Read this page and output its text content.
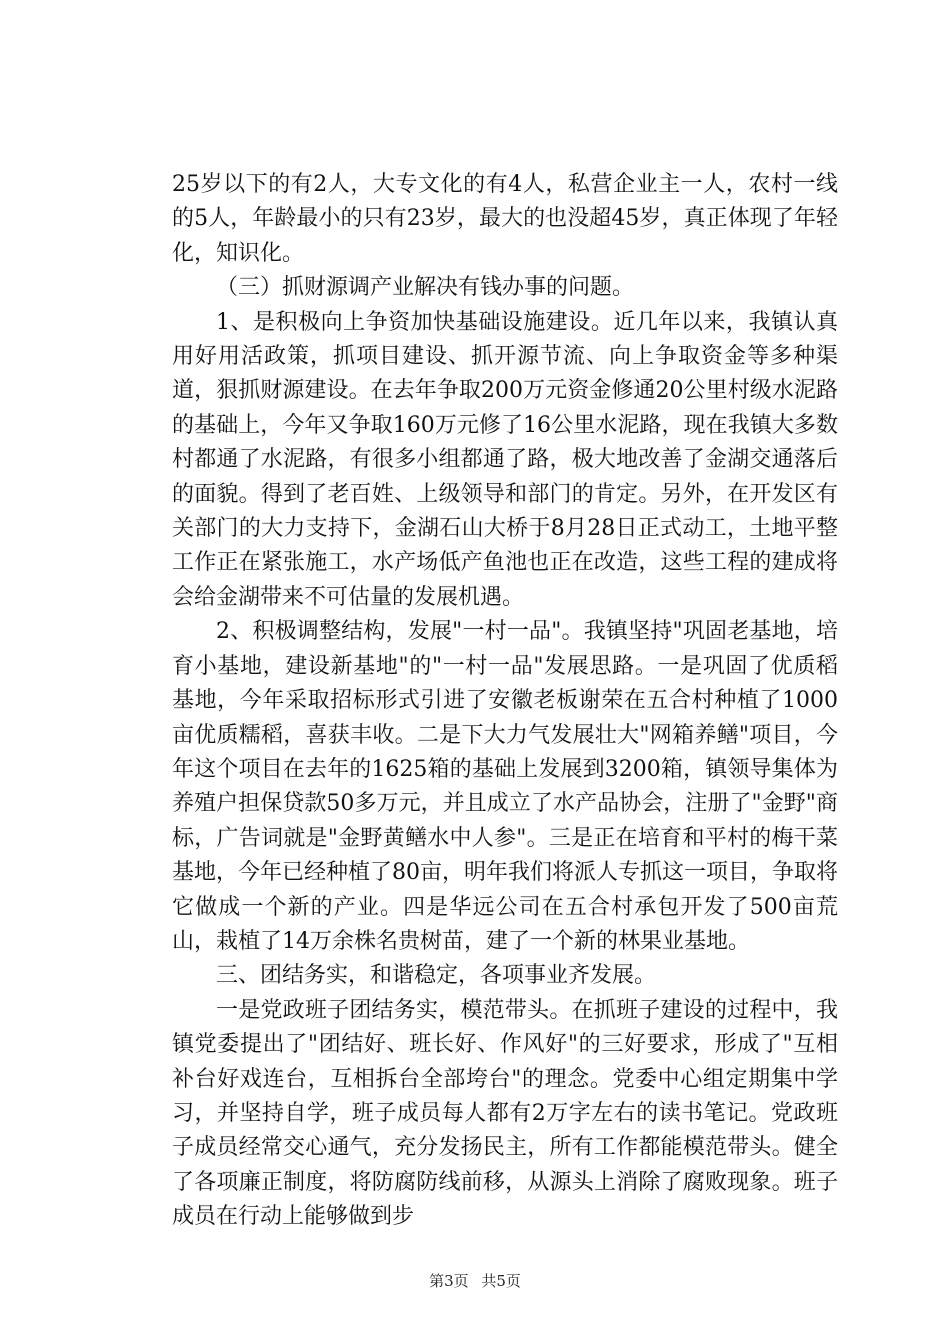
25岁以下的有2人，大专文化的有4人，私营企业主一人，农村一线的5人，年龄最小的只有23岁，最大的也没超45岁，真正体现了年轻化，知识化。

（三）抓财源调产业解决有钱办事的问题。

1、是积极向上争资加快基础设施建设。近几年以来，我镇认真用好用活政策，抓项目建设、抓开源节流、向上争取资金等多种渠道，狠抓财源建设。在去年争取200万元资金修通20公里村级水泥路的基础上，今年又争取160万元修了16公里水泥路，现在我镇大多数村都通了水泥路，有很多小组都通了路，极大地改善了金湖交通落后的面貌。得到了老百姓、上级领导和部门的肯定。另外，在开发区有关部门的大力支持下，金湖石山大桥于8月28日正式动工，土地平整工作正在紧张施工，水产场低产鱼池也正在改造，这些工程的建成将会给金湖带来不可估量的发展机遇。

2、积极调整结构，发展"一村一品"。我镇坚持"巩固老基地，培育小基地，建设新基地"的"一村一品"发展思路。一是巩固了优质稻基地，今年采取招标形式引进了安徽老板谢荣在五合村种植了1000亩优质糯稻，喜获丰收。二是下大力气发展壮大"网箱养鳝"项目，今年这个项目在去年的1625箱的基础上发展到3200箱，镇领导集体为养殖户担保贷款50多万元，并且成立了水产品协会，注册了"金野"商标，广告词就是"金野黄鳝水中人参"。三是正在培育和平村的梅干菜基地，今年已经种植了80亩，明年我们将派人专抓这一项目，争取将它做成一个新的产业。四是华远公司在五合村承包开发了500亩荒山，栽植了14万余株名贵树苗，建了一个新的林果业基地。

三、团结务实，和谐稳定，各项事业齐发展。

一是党政班子团结务实，模范带头。在抓班子建设的过程中，我镇党委提出了"团结好、班长好、作风好"的三好要求，形成了"互相补台好戏连台，互相拆台全部垮台"的理念。党委中心组定期集中学习，并坚持自学，班子成员每人都有2万字左右的读书笔记。党政班子成员经常交心通气，充分发扬民主，所有工作都能模范带头。健全了各项廉正制度，将防腐防线前移，从源头上消除了腐败现象。班子成员在行动上能够做到步

第3页 共5页
